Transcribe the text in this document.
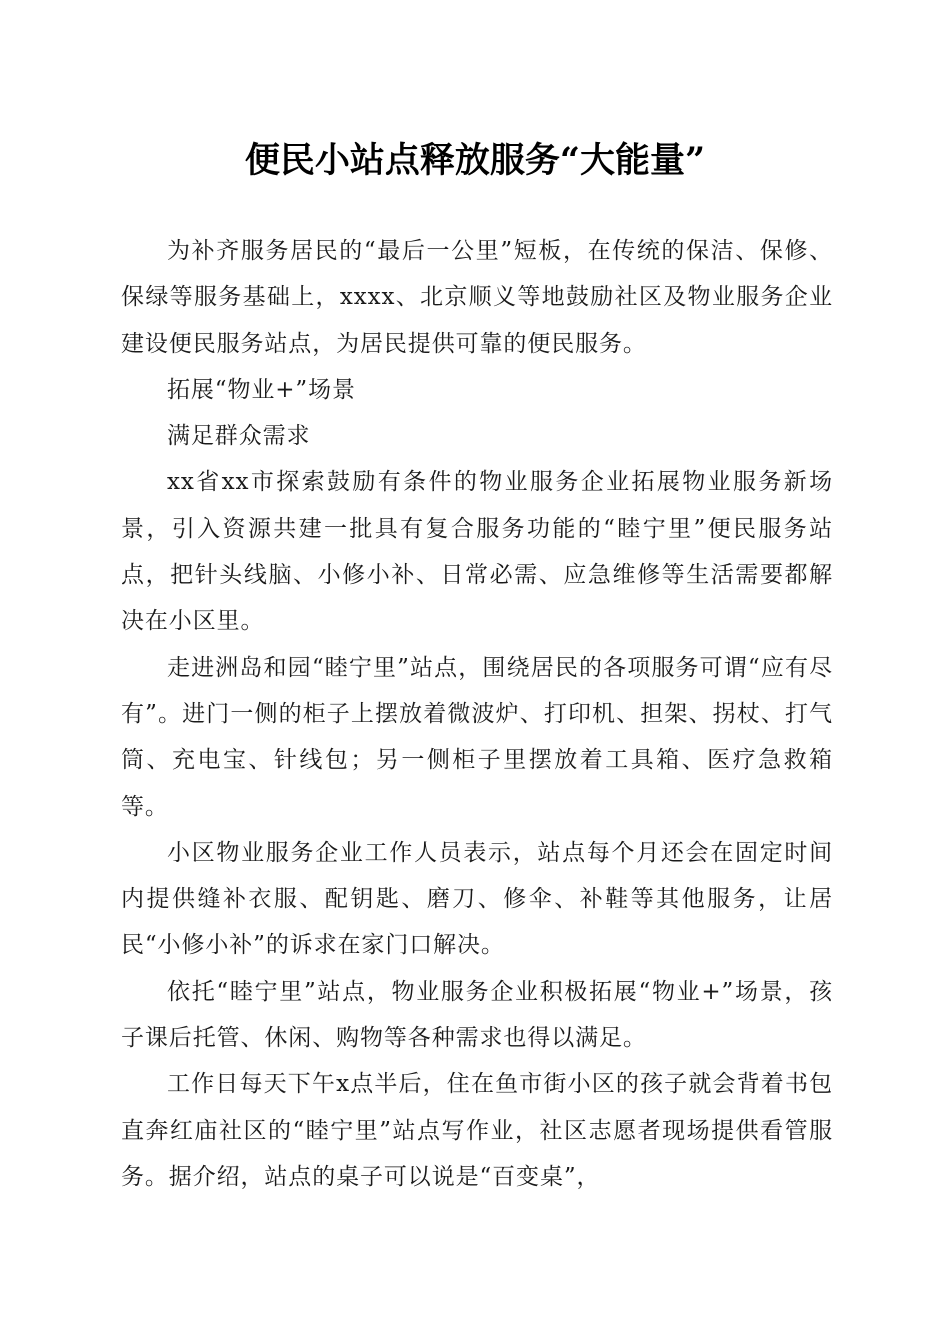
便民小站点释放服务“大能量”

为补齐服务居民的“最后一公里”短板，在传统的保洁、保修、保绿等服务基础上，xxxx、北京顺义等地鼓励社区及物业服务企业建设便民服务站点，为居民提供可靠的便民服务。

拓展“物业+”场景

满足群众需求

xx省xx市探索鼓励有条件的物业服务企业拓展物业服务新场景，引入资源共建一批具有复合服务功能的“睦宁里”便民服务站点，把针头线脑、小修小补、日常必需、应急维修等生活需要都解决在小区里。

走进洲岛和园“睦宁里”站点，围绕居民的各项服务可谓“应有尽有”。进门一侧的柜子上摆放着微波炉、打印机、担架、拐杖、打气筒、充电宝、针线包；另一侧柜子里摆放着工具箱、医疗急救箱等。

小区物业服务企业工作人员表示，站点每个月还会在固定时间内提供缝补衣服、配钥匙、磨刀、修伞、补鞋等其他服务，让居民“小修小补”的诉求在家门口解决。

依托“睦宁里”站点，物业服务企业积极拓展“物业+”场景，孩子课后托管、休闲、购物等各种需求也得以满足。

工作日每天下午x点半后，住在鱼市街小区的孩子就会背着书包直奔红庙社区的“睦宁里”站点写作业，社区志愿者现场提供看管服务。据介绍，站点的桌子可以说是“百变桌”，
